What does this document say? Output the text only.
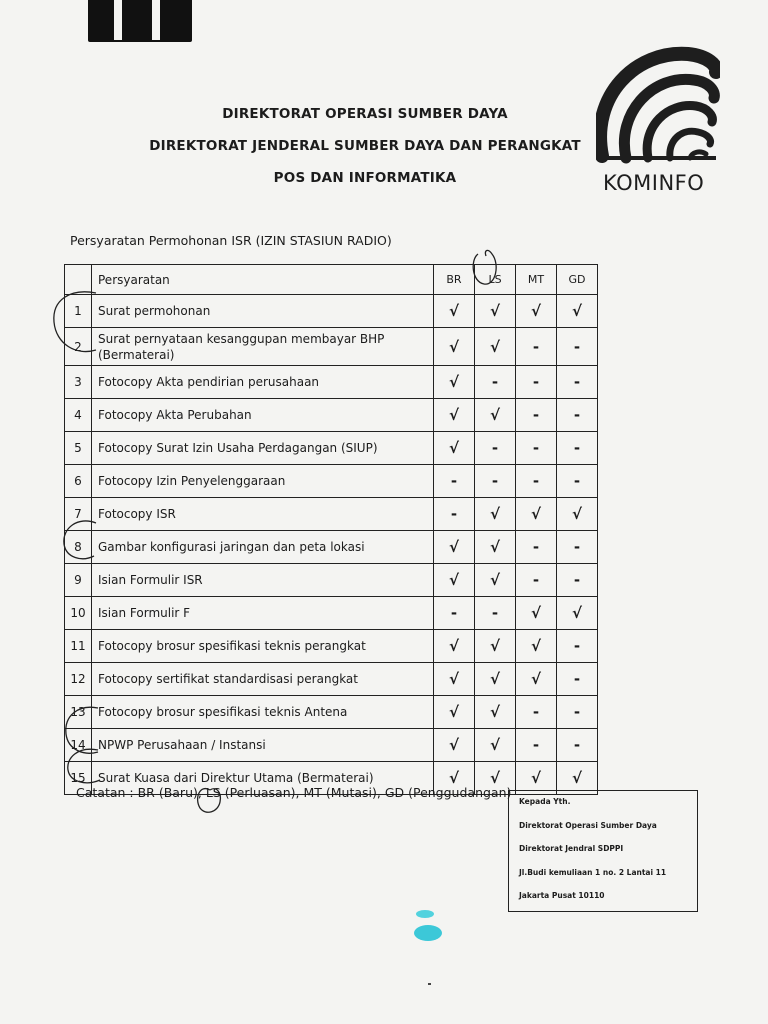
DIREKTORAT OPERASI SUMBER DAYA
DIREKTORAT JENDERAL SUMBER DAYA DAN PERANGKAT
POS DAN INFORMATIKA	KOMINFO
Persyaratan Permohonan ISR (IZIN STASIUN RADIO)
	Persyaratan	BR	LS	MT	GD
1	Surat permohonan	√	√	√	√
2	Surat pernyataan kesanggupan membayar BHP (Bermaterai)	√	√	-	-
3	Fotocopy Akta pendirian perusahaan	√	-	-	-
4	Fotocopy Akta Perubahan	√	√	-	-
5	Fotocopy Surat Izin Usaha Perdagangan (SIUP)	√	-	-	-
6	Fotocopy Izin Penyelenggaraan	-	-	-	-
7	Fotocopy ISR	-	√	√	√
8	Gambar konfigurasi jaringan dan peta lokasi	√	√	-	-
9	Isian Formulir ISR	√	√	-	-
10	Isian Formulir F	-	-	√	√
11	Fotocopy brosur spesifikasi teknis perangkat	√	√	√	-
12	Fotocopy sertifikat standardisasi perangkat	√	√	√	-
13	Fotocopy brosur spesifikasi teknis Antena	√	√	-	-
14	NPWP Perusahaan / Instansi	√	√	-	-
15	Surat Kuasa dari Direktur Utama (Bermaterai)	√	√	√	√
Catatan : BR (Baru), LS (Perluasan), MT (Mutasi), GD (Penggudangan)
Kepada Yth.
Direktorat Operasi Sumber Daya
Direktorat Jendral SDPPI
Jl.Budi kemuliaan 1 no. 2 Lantai 11
Jakarta Pusat 10110
